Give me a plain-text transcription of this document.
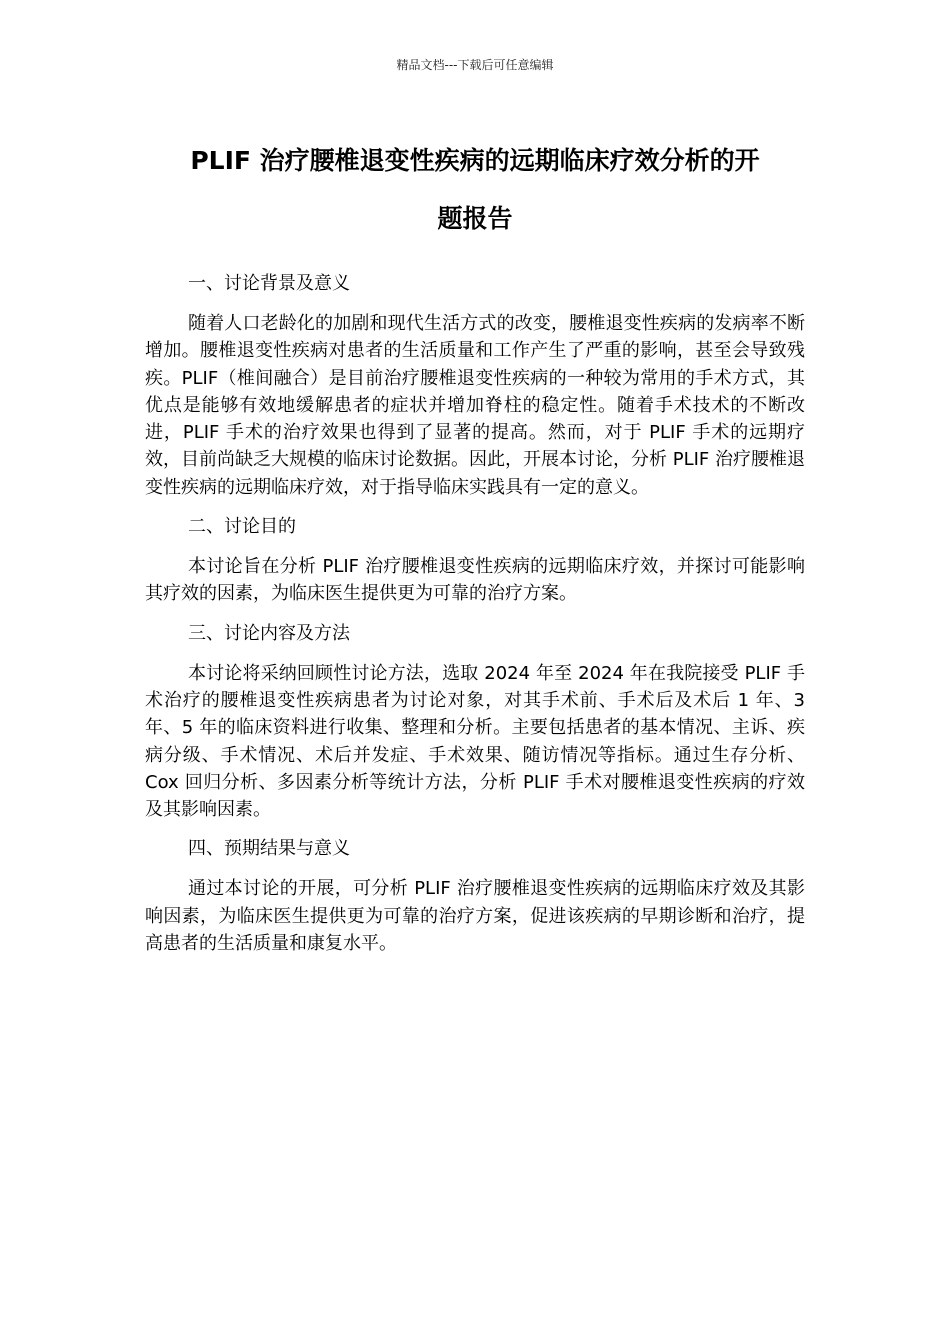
精品文档---下载后可任意编辑
PLIF 治疗腰椎退变性疾病的远期临床疗效分析的开
题报告
一、讨论背景及意义

随着人口老龄化的加剧和现代生活方式的改变，腰椎退变性疾病的发病率不断增加。腰椎退变性疾病对患者的生活质量和工作产生了严重的影响，甚至会导致残疾。PLIF（椎间融合）是目前治疗腰椎退变性疾病的一种较为常用的手术方式，其优点是能够有效地缓解患者的症状并增加脊柱的稳定性。随着手术技术的不断改进，PLIF 手术的治疗效果也得到了显著的提高。然而，对于 PLIF 手术的远期疗效，目前尚缺乏大规模的临床讨论数据。因此，开展本讨论，分析 PLIF 治疗腰椎退变性疾病的远期临床疗效，对于指导临床实践具有一定的意义。

二、讨论目的

本讨论旨在分析 PLIF 治疗腰椎退变性疾病的远期临床疗效，并探讨可能影响其疗效的因素，为临床医生提供更为可靠的治疗方案。

三、讨论内容及方法

本讨论将采纳回顾性讨论方法，选取 2024 年至 2024 年在我院接受 PLIF 手术治疗的腰椎退变性疾病患者为讨论对象，对其手术前、手术后及术后 1 年、3 年、5 年的临床资料进行收集、整理和分析。主要包括患者的基本情况、主诉、疾病分级、手术情况、术后并发症、手术效果、随访情况等指标。通过生存分析、 Cox 回归分析、多因素分析等统计方法，分析 PLIF 手术对腰椎退变性疾病的疗效及其影响因素。

四、预期结果与意义

通过本讨论的开展，可分析 PLIF 治疗腰椎退变性疾病的远期临床疗效及其影响因素，为临床医生提供更为可靠的治疗方案，促进该疾病的早期诊断和治疗，提高患者的生活质量和康复水平。
